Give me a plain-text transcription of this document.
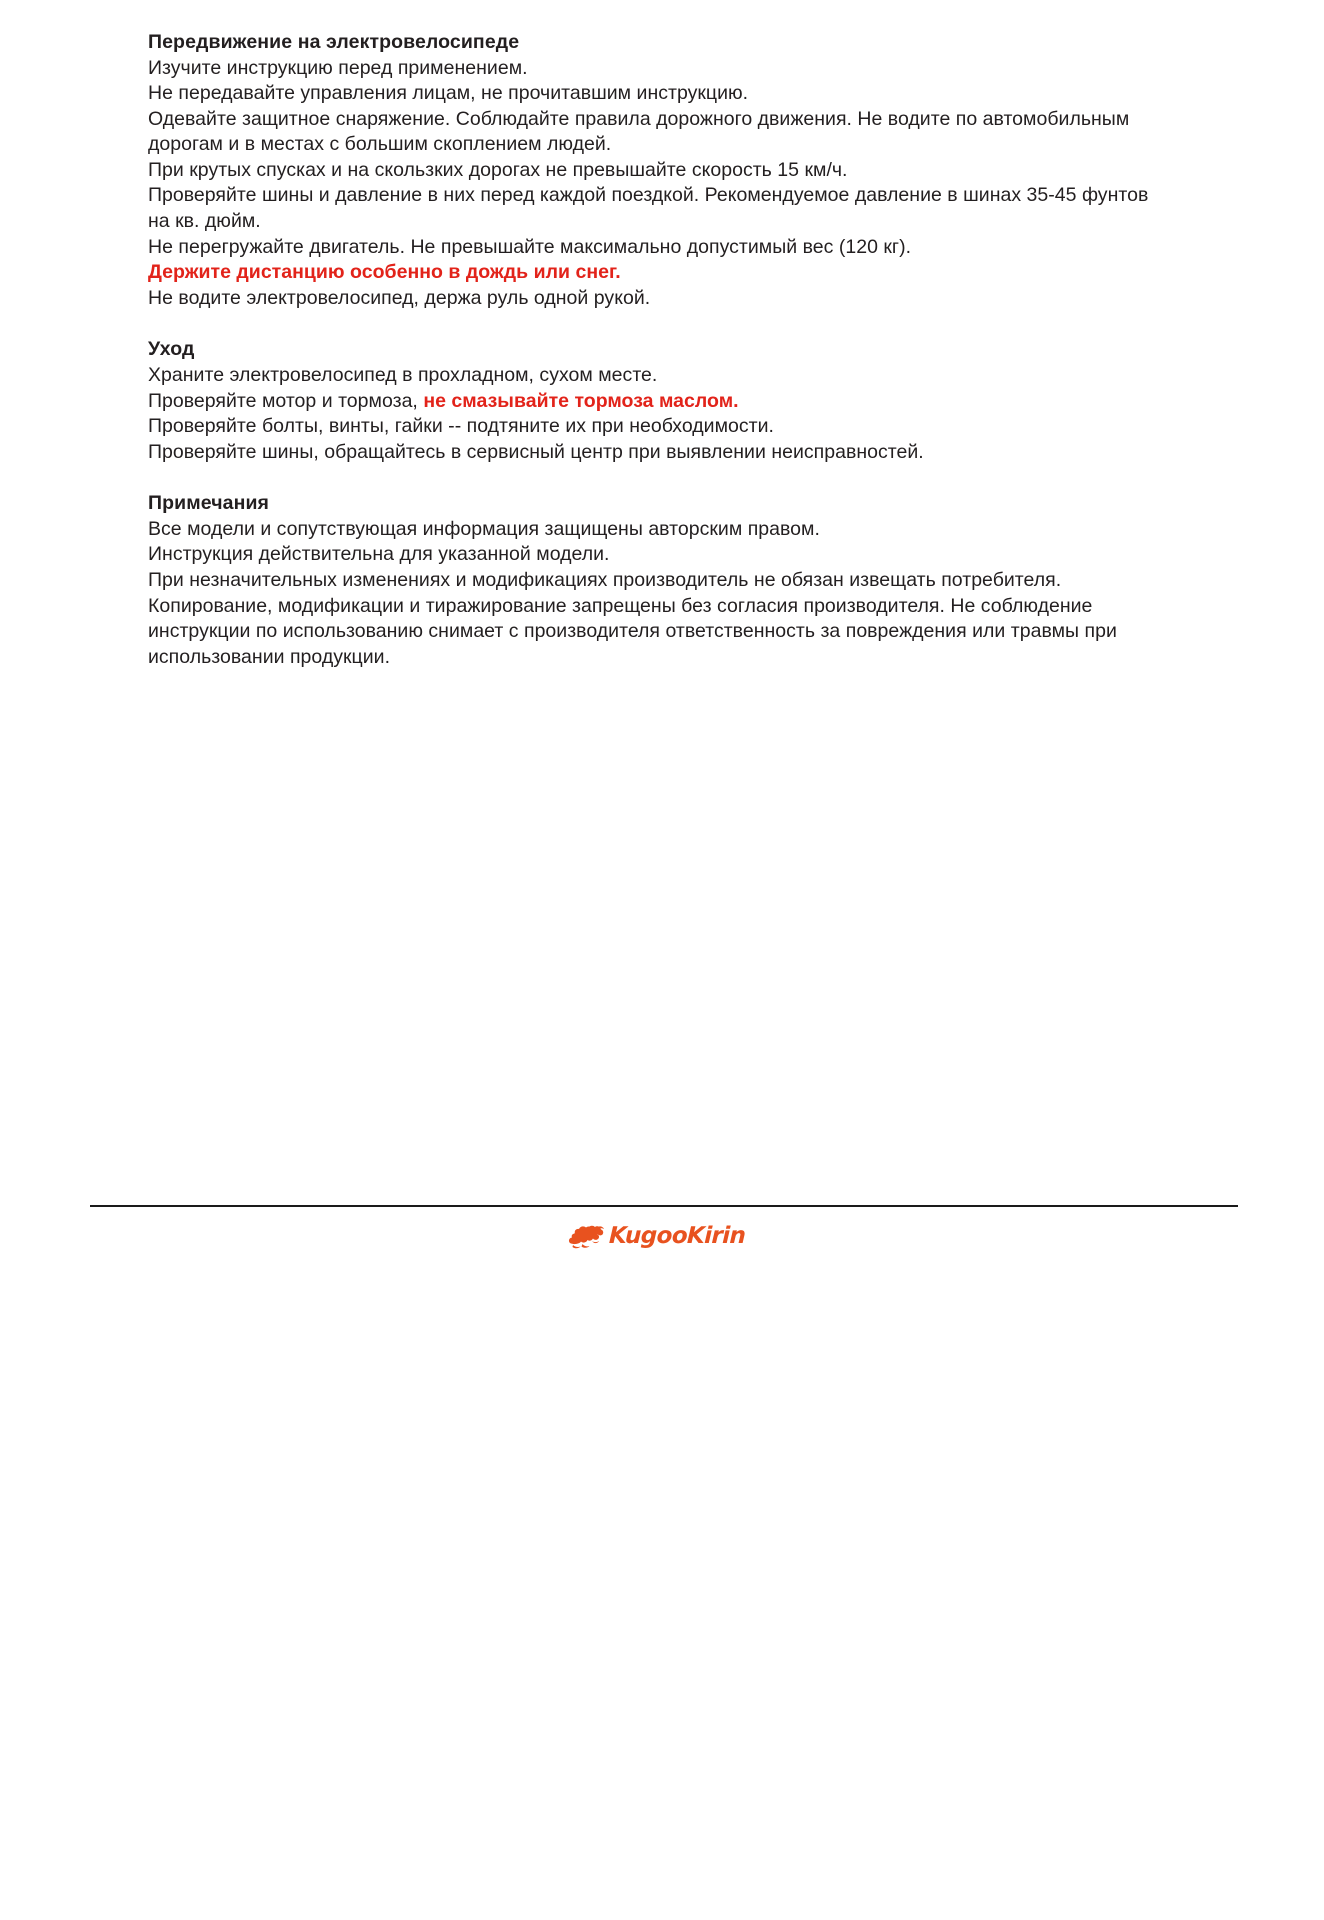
Передвижение на электровелосипеде
Изучите инструкцию перед применением.
Не передавайте управления лицам, не прочитавшим инструкцию.
Одевайте защитное снаряжение. Соблюдайте правила дорожного движения. Не водите по автомобильным дорогам и в местах с большим скоплением людей.
При крутых спусках и на скользких дорогах не превышайте скорость 15 км/ч.
Проверяйте шины и давление в них перед каждой поездкой. Рекомендуемое давление в шинах 35-45 фунтов на кв. дюйм.
Не перегружайте двигатель. Не превышайте максимально допустимый вес (120 кг).
Держите дистанцию особенно в дождь или снег.
Не водите электровелосипед, держа руль одной рукой.
Уход
Храните электровелосипед в прохладном, сухом месте.
Проверяйте мотор и тормоза, не смазывайте тормоза маслом.
Проверяйте болты, винты, гайки -- подтяните их при необходимости.
Проверяйте шины, обращайтесь в сервисный центр при выявлении неисправностей.
Примечания
Все модели и сопутствующая информация защищены авторским правом.
Инструкция действительна для указанной модели.
При незначительных изменениях и модификациях производитель не обязан извещать потребителя. Копирование, модификации и тиражирование запрещены без согласия производителя. Не соблюдение инструкции по использованию снимает с производителя ответственность за повреждения или травмы при использовании продукции.
KugooKirin
